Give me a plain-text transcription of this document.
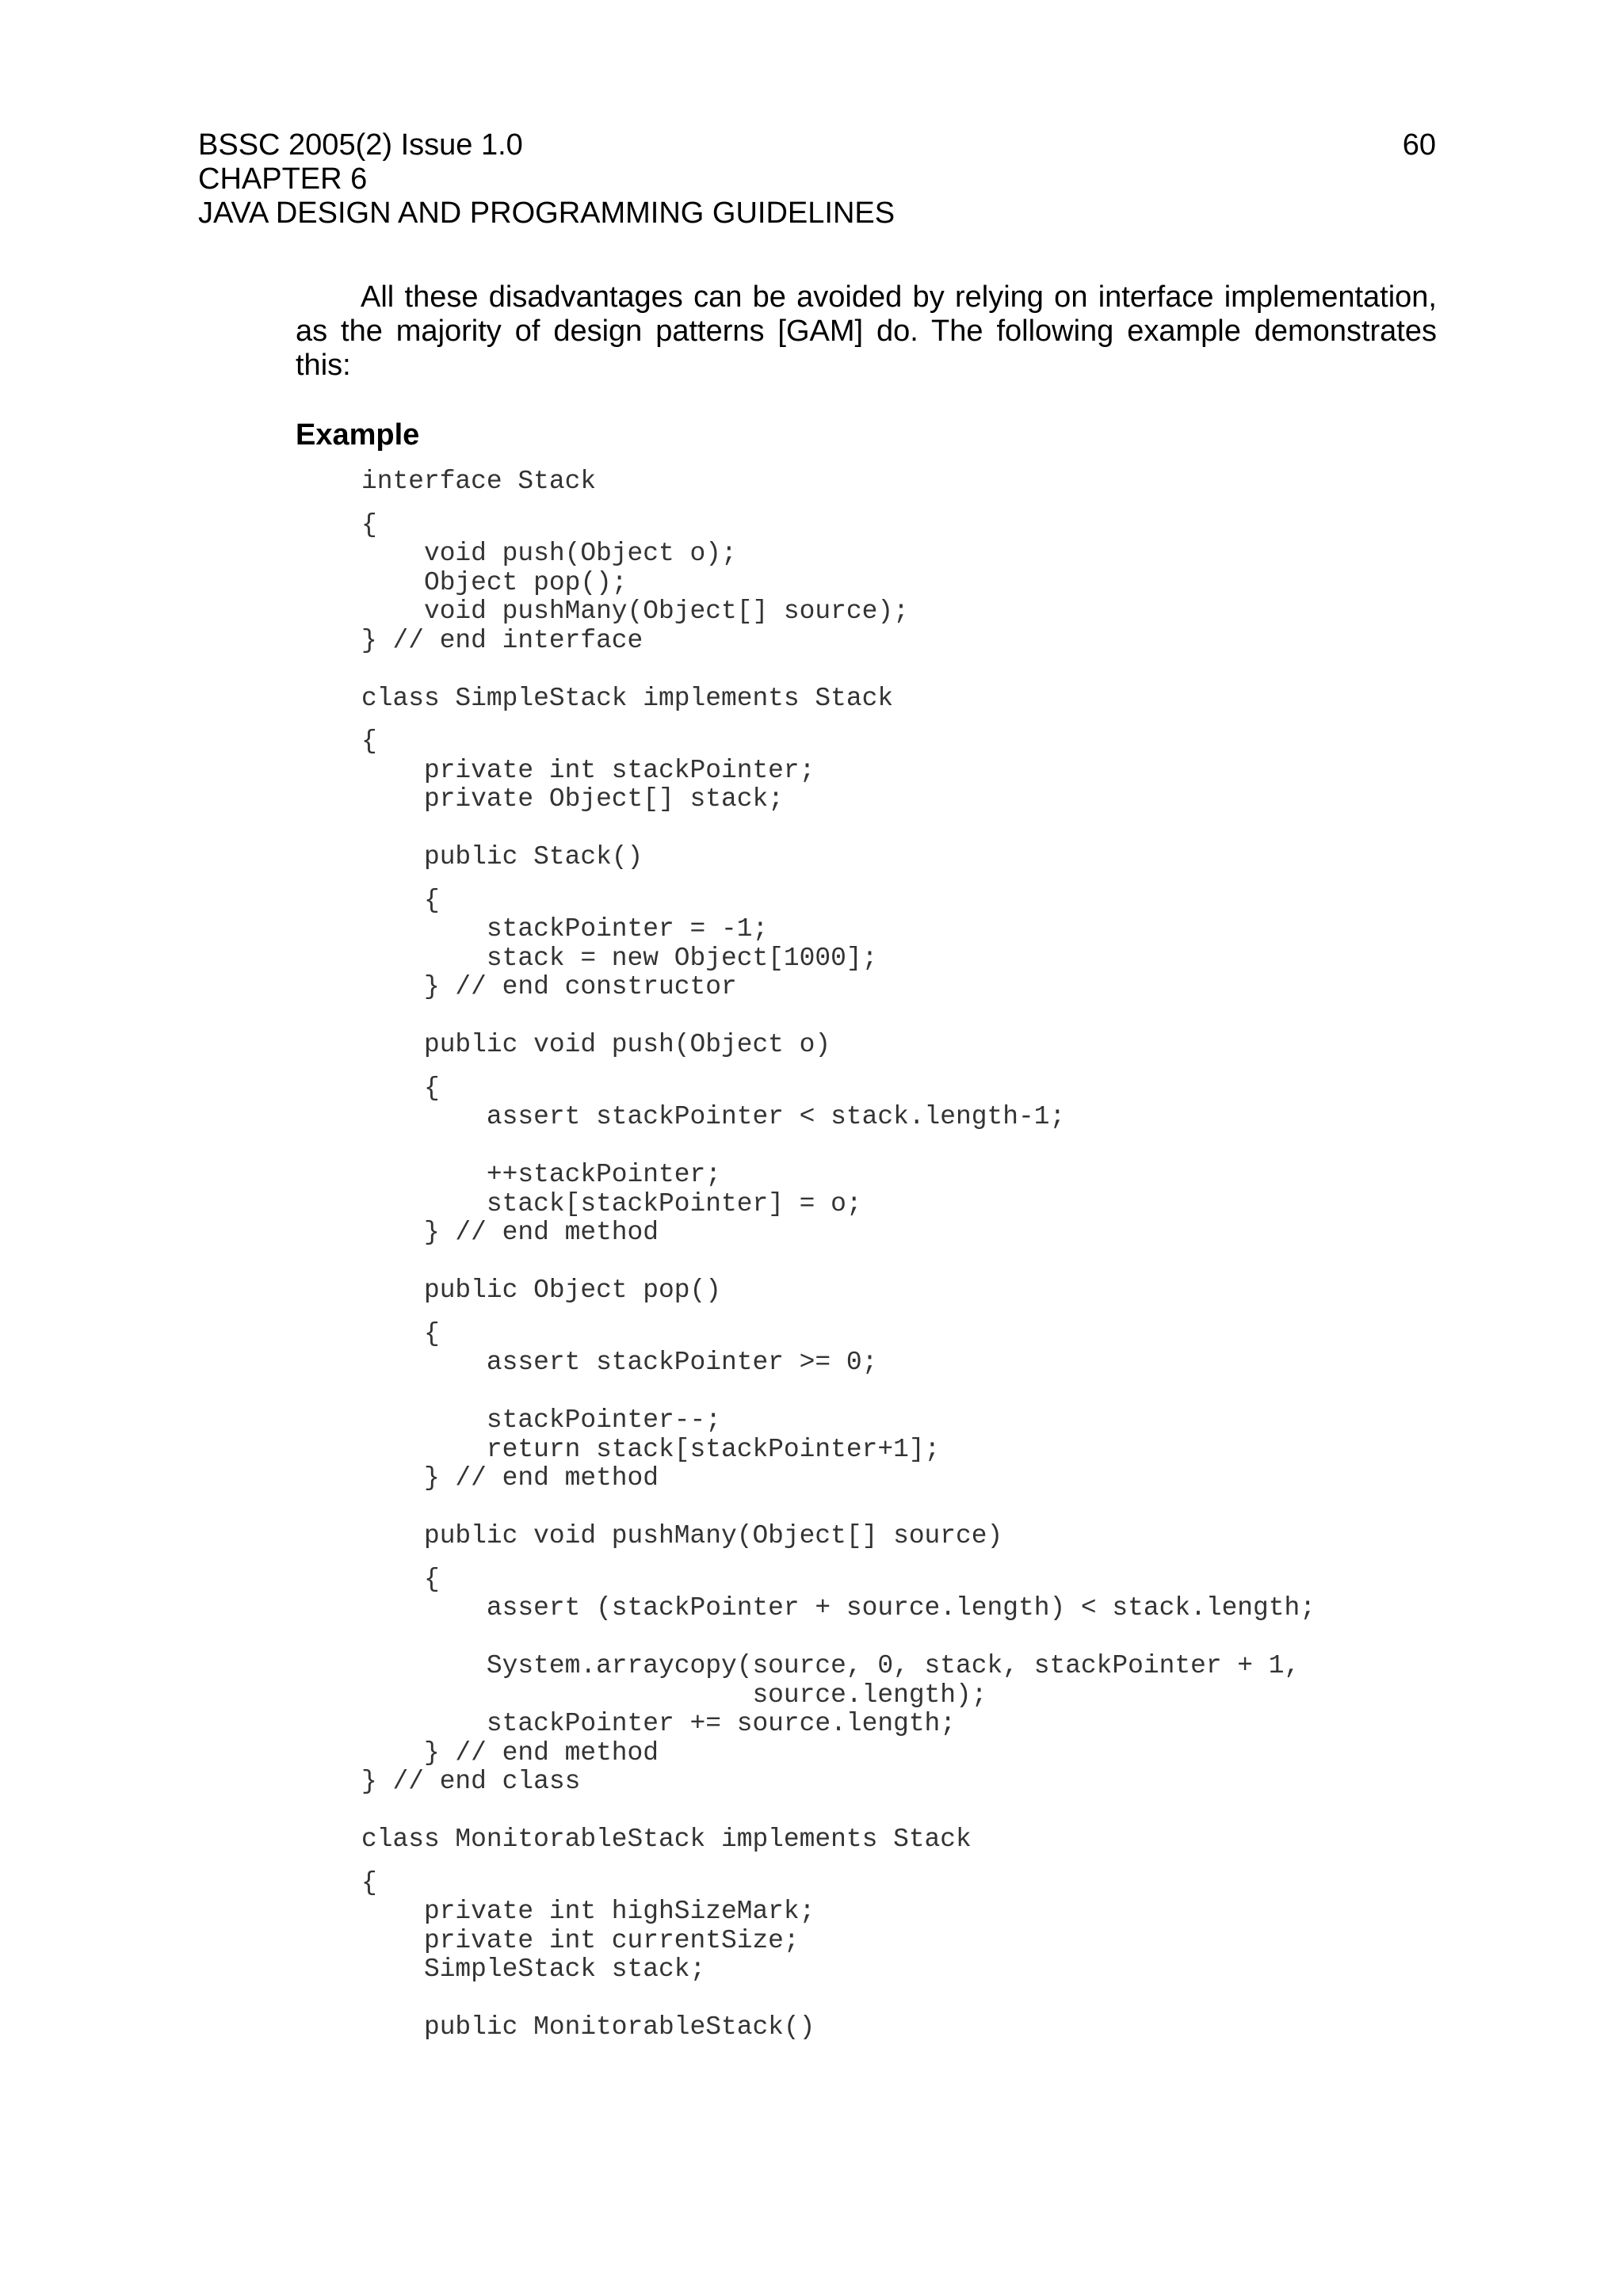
BSSC 2005(2) Issue 1.0
CHAPTER 6
JAVA DESIGN AND PROGRAMMING GUIDELINES
60

All these disadvantages can be avoided by relying on interface implementation, as the majority of design patterns [GAM] do. The following example demonstrates this:

Example
interface Stack
{
void push(Object o);
Object pop();
void pushMany(Object[] source);
} // end interface

class SimpleStack implements Stack
{
private int stackPointer;
private Object[] stack;

public Stack()
{
stackPointer = -1;
stack = new Object[1000];
} // end constructor

public void push(Object o)
{
assert stackPointer < stack.length-1;

++stackPointer;
stack[stackPointer] = o;
} // end method

public Object pop()
{
assert stackPointer >= 0;

stackPointer--;
return stack[stackPointer+1];
} // end method

public void pushMany(Object[] source)
{
assert (stackPointer + source.length) < stack.length;

System.arraycopy(source, 0, stack, stackPointer + 1,
source.length);
stackPointer += source.length;
} // end method
} // end class

class MonitorableStack implements Stack
{
private int highSizeMark;
private int currentSize;
SimpleStack stack;

public MonitorableStack()
